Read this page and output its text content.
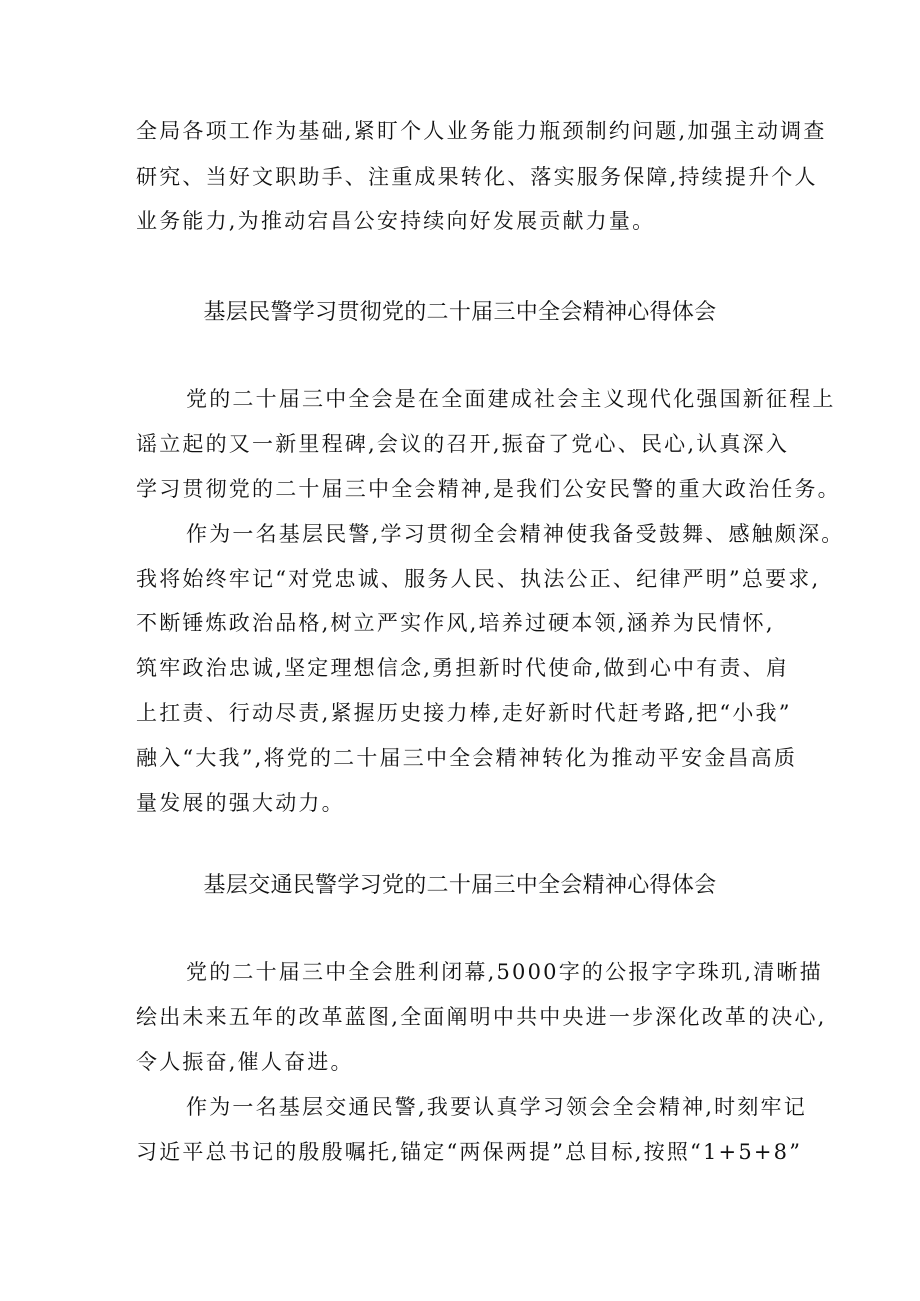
全局各项工作为基础,紧盯个人业务能力瓶颈制约问题,加强主动调查
研究、当好文职助手、注重成果转化、落实服务保障,持续提升个人
业务能力,为推动宕昌公安持续向好发展贡献力量。
基层民警学习贯彻党的二十届三中全会精神心得体会
党的二十届三中全会是在全面建成社会主义现代化强国新征程上
谣立起的又一新里程碑,会议的召开,振奋了党心、民心,认真深入
学习贯彻党的二十届三中全会精神,是我们公安民警的重大政治任务。
作为一名基层民警,学习贯彻全会精神使我备受鼓舞、感触颇深。
我将始终牢记“对党忠诚、服务人民、执法公正、纪律严明”总要求,
不断锤炼政治品格,树立严实作风,培养过硬本领,涵养为民情怀,
筑牢政治忠诚,坚定理想信念,勇担新时代使命,做到心中有责、肩
上扛责、行动尽责,紧握历史接力棒,走好新时代赶考路,把“小我”
融入“大我”,将党的二十届三中全会精神转化为推动平安金昌高质
量发展的强大动力。
基层交通民警学习党的二十届三中全会精神心得体会
党的二十届三中全会胜利闭幕,5000字的公报字字珠玑,清晰描
绘出未来五年的改革蓝图,全面阐明中共中央进一步深化改革的决心,
令人振奋,催人奋进。
作为一名基层交通民警,我要认真学习领会全会精神,时刻牢记
习近平总书记的殷殷嘱托,锚定“两保两提”总目标,按照“1+5+8”
